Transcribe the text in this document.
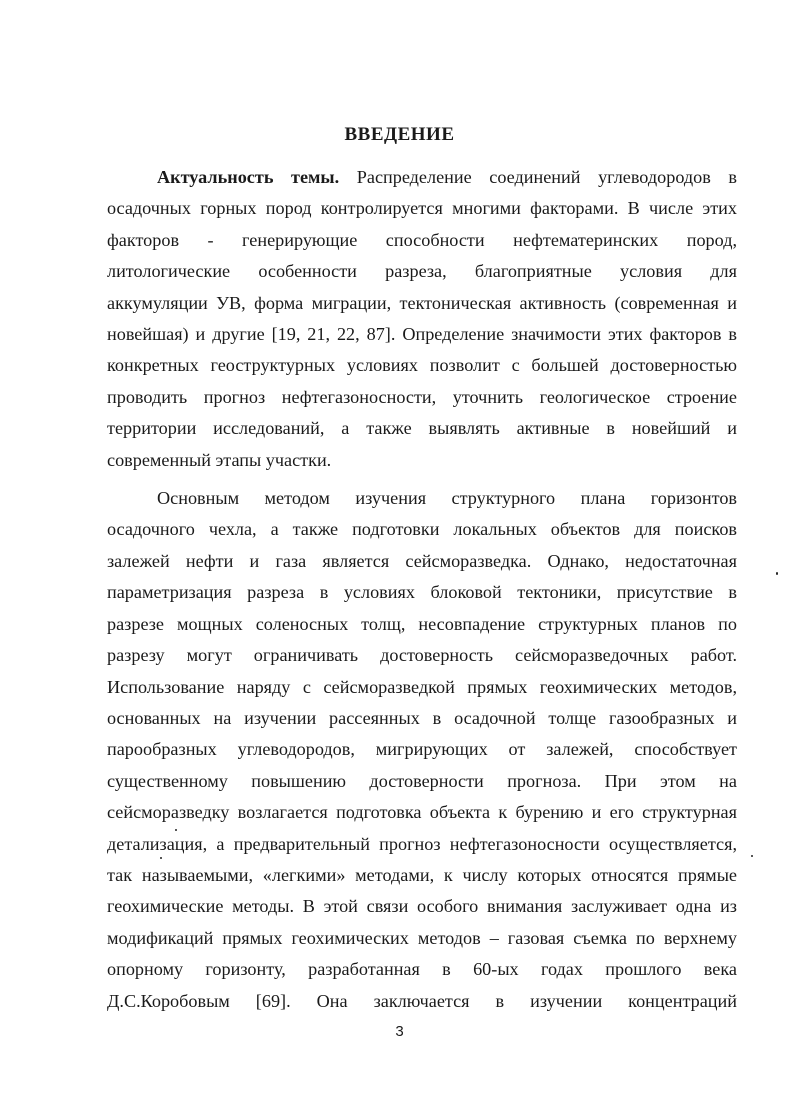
ВВЕДЕНИЕ

Актуальность темы. Распределение соединений углеводородов в
осадочных горных пород контролируется многими факторами. В числе этих
факторов - генерирующие способности нефтематеринских пород,
литологические особенности разреза, благоприятные условия для
аккумуляции УВ, форма миграции, тектоническая активность (современная и
новейшая) и другие [19, 21, 22, 87]. Определение значимости этих факторов в
конкретных геоструктурных условиях позволит с большей достоверностью
проводить прогноз нефтегазоносности, уточнить геологическое строение
территории исследований, а также выявлять активные в новейший и
современный этапы участки.

Основным методом изучения структурного плана горизонтов
осадочного чехла, а также подготовки локальных объектов для поисков
залежей нефти и газа является сейсморазведка. Однако, недостаточная
параметризация разреза в условиях блоковой тектоники, присутствие в
разрезе мощных соленосных толщ, несовпадение структурных планов по
разрезу могут ограничивать достоверность сейсморазведочных работ.
Использование наряду с сейсморазведкой прямых геохимических методов,
основанных на изучении рассеянных в осадочной толще газообразных и
парообразных углеводородов, мигрирующих от залежей, способствует
существенному повышению достоверности прогноза. При этом на
сейсморазведку возлагается подготовка объекта к бурению и его структурная
детализация, а предварительный прогноз нефтегазоносности осуществляется,
так называемыми, «легкими» методами, к числу которых относятся прямые
геохимические методы. В этой связи особого внимания заслуживает одна из
модификаций прямых геохимических методов – газовая съемка по верхнему
опорному горизонту, разработанная в 60-ых годах прошлого века
Д.С.Коробовым [69]. Она заключается в изучении концентраций

3
